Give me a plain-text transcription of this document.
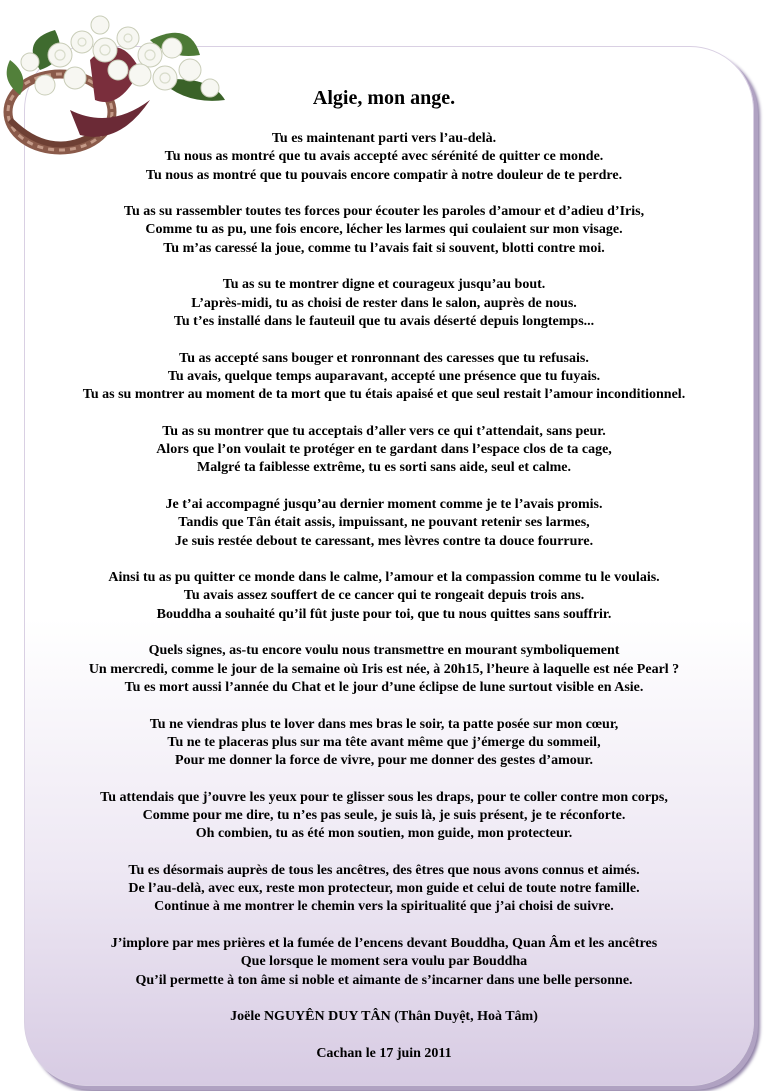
Algie, mon ange.
Tu es maintenant parti vers l’au-delà.
Tu nous as montré que tu avais accepté avec sérénité de quitter ce monde.
Tu nous as montré que tu pouvais encore compatir à notre douleur de te perdre.
Tu as su rassembler toutes tes forces pour écouter les paroles d’amour et d’adieu d’Iris,
Comme tu as pu, une fois encore, lécher les larmes qui coulaient sur mon visage.
Tu m’as caressé la joue, comme tu l’avais fait si souvent, blotti contre moi.
Tu as su te montrer digne et courageux jusqu’au bout.
L’après-midi, tu as choisi de rester dans le salon, auprès de nous.
Tu t’es installé dans le fauteuil que tu avais déserté depuis longtemps...
Tu as accepté sans bouger et ronronnant des caresses que tu refusais.
Tu avais, quelque temps auparavant, accepté une présence que tu fuyais.
Tu as su montrer au moment de ta mort que tu étais apaisé et que seul restait l’amour inconditionnel.
Tu as su montrer que tu acceptais d’aller vers ce qui t’attendait, sans peur.
Alors que l’on voulait te protéger en te gardant dans l’espace clos de ta cage,
Malgré ta faiblesse extrême, tu es sorti sans aide, seul et calme.
Je t’ai accompagné jusqu’au dernier moment comme je te l’avais promis.
Tandis que Tân était assis, impuissant, ne pouvant retenir ses larmes,
Je suis restée debout te caressant, mes lèvres contre ta douce fourrure.
Ainsi tu as pu quitter ce monde dans le calme, l’amour et la compassion comme tu le voulais.
Tu avais assez souffert de ce cancer qui te rongeait depuis trois ans.
Bouddha a souhaité qu’il fût juste pour toi, que tu nous quittes sans souffrir.
Quels signes, as-tu encore voulu nous transmettre en mourant symboliquement
Un mercredi, comme le jour de la semaine où Iris est née, à 20h15, l’heure à laquelle est née Pearl ?
Tu es mort aussi l’année du Chat et le jour d’une éclipse de lune surtout visible en Asie.
Tu ne viendras plus te lover dans mes bras le soir, ta patte posée sur mon cœur,
Tu ne te placeras plus sur ma tête avant même que j’émerge du sommeil,
Pour me donner la force de vivre, pour me donner des gestes d’amour.
Tu attendais que j’ouvre les yeux pour te glisser sous les draps, pour te coller contre mon corps,
Comme pour me dire, tu n’es pas seule, je suis là, je suis présent, je te réconforte.
Oh combien, tu as été mon soutien, mon guide, mon protecteur.
Tu es désormais auprès de tous les ancêtres, des êtres que nous avons connus et aimés.
De l’au-delà, avec eux, reste mon protecteur, mon guide et celui de toute notre famille.
Continue à me montrer le chemin vers la spiritualité que j’ai choisi de suivre.
J’implore par mes prières et la fumée de l’encens devant Bouddha, Quan Âm et les ancêtres
Que lorsque le moment sera voulu par Bouddha
Qu’il permette à ton âme si noble et aimante de s’incarner dans une belle personne.
Joële NGUYÊN DUY TÂN (Thân Duyệt, Hoà Tâm)
Cachan le 17 juin 2011
